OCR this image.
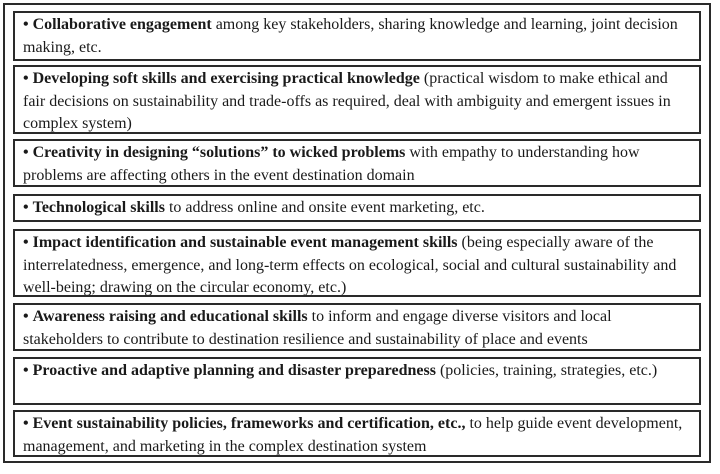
• Collaborative engagement among key stakeholders, sharing knowledge and learning, joint decision making, etc.
• Developing soft skills and exercising practical knowledge (practical wisdom to make ethical and fair decisions on sustainability and trade-offs as required, deal with ambiguity and emergent issues in complex system)
• Creativity in designing “solutions” to wicked problems with empathy to understanding how problems are affecting others in the event destination domain
• Technological skills to address online and onsite event marketing, etc.
• Impact identification and sustainable event management skills (being especially aware of the interrelatedness, emergence, and long-term effects on ecological, social and cultural sustainability and well-being; drawing on the circular economy, etc.)
• Awareness raising and educational skills to inform and engage diverse visitors and local stakeholders to contribute to destination resilience and sustainability of place and events
• Proactive and adaptive planning and disaster preparedness (policies, training, strategies, etc.)
• Event sustainability policies, frameworks and certification, etc., to help guide event development, management, and marketing in the complex destination system
